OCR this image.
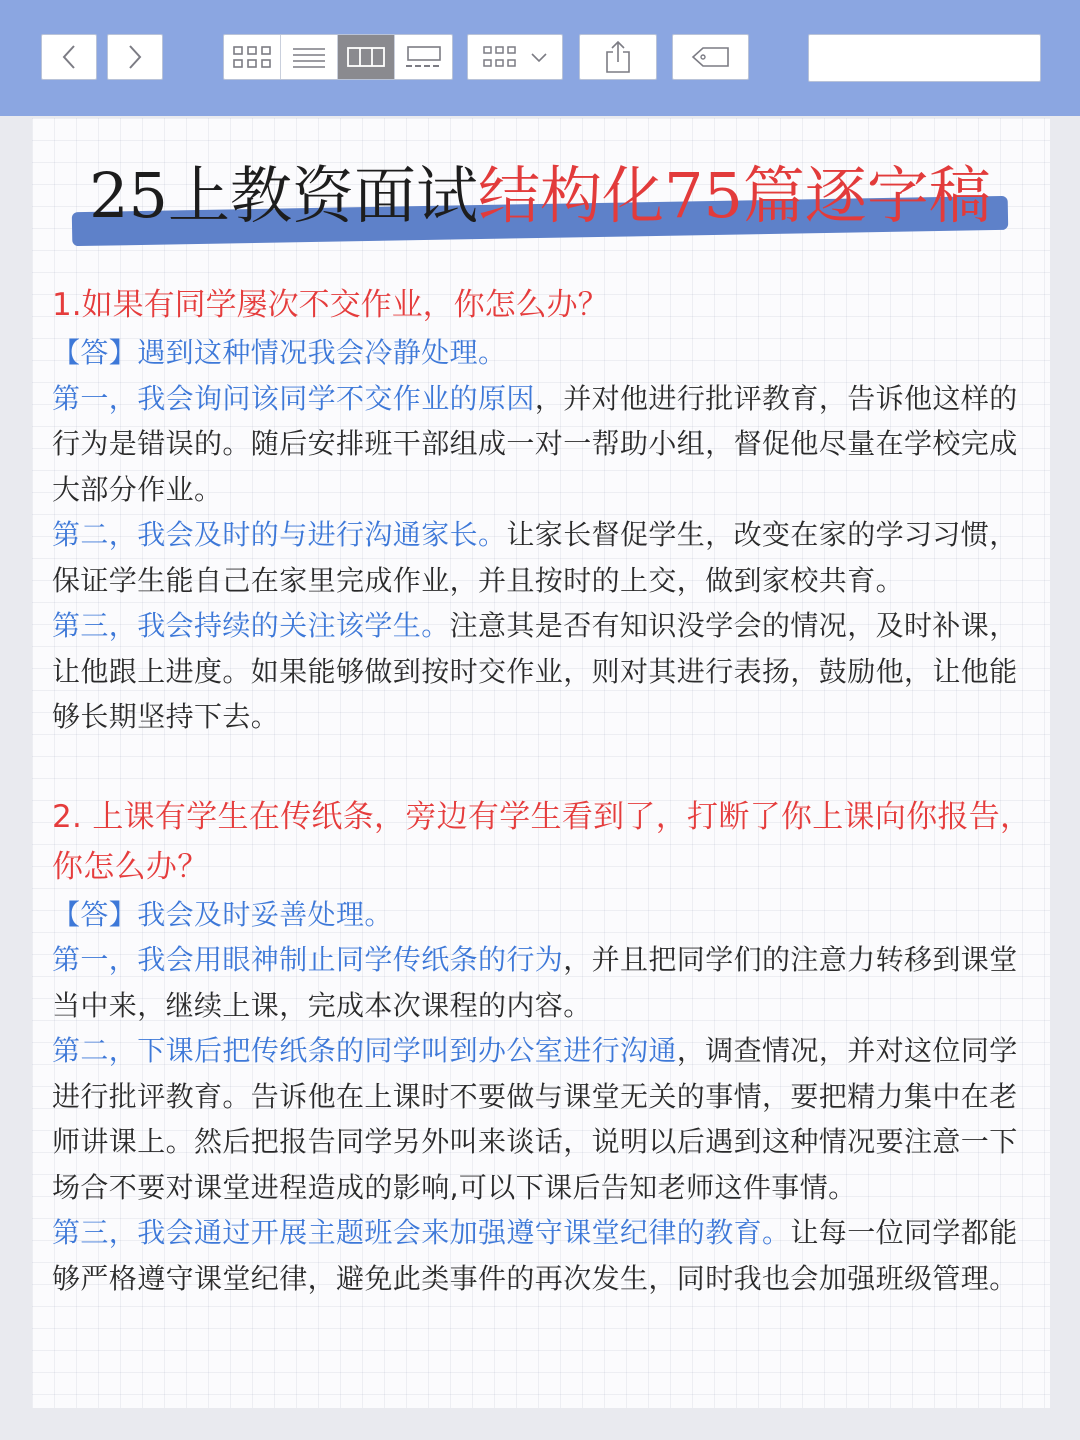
25上教资面试结构化75篇逐字稿

1.如果有同学屡次不交作业，你怎么办？

【答】遇到这种情况我会冷静处理。

第一，我会询问该同学不交作业的原因，并对他进行批评教育，告诉他这样的行为是错误的。随后安排班干部组成一对一帮助小组，督促他尽量在学校完成大部分作业。

第二，我会及时的与进行沟通家长。让家长督促学生，改变在家的学习习惯，保证学生能自己在家里完成作业，并且按时的上交，做到家校共育。

第三，我会持续的关注该学生。注意其是否有知识没学会的情况，及时补课，让他跟上进度。如果能够做到按时交作业，则对其进行表扬，鼓励他，让他能够长期坚持下去。

2. 上课有学生在传纸条，旁边有学生看到了，打断了你上课向你报告，你怎么办？

【答】我会及时妥善处理。

第一，我会用眼神制止同学传纸条的行为，并且把同学们的注意力转移到课堂当中来，继续上课，完成本次课程的内容。

第二，下课后把传纸条的同学叫到办公室进行沟通，调查情况，并对这位同学进行批评教育。告诉他在上课时不要做与课堂无关的事情，要把精力集中在老师讲课上。然后把报告同学另外叫来谈话，说明以后遇到这种情况要注意一下场合不要对课堂进程造成的影响,可以下课后告知老师这件事情。

第三，我会通过开展主题班会来加强遵守课堂纪律的教育。让每一位同学都能够严格遵守课堂纪律，避免此类事件的再次发生，同时我也会加强班级管理。
